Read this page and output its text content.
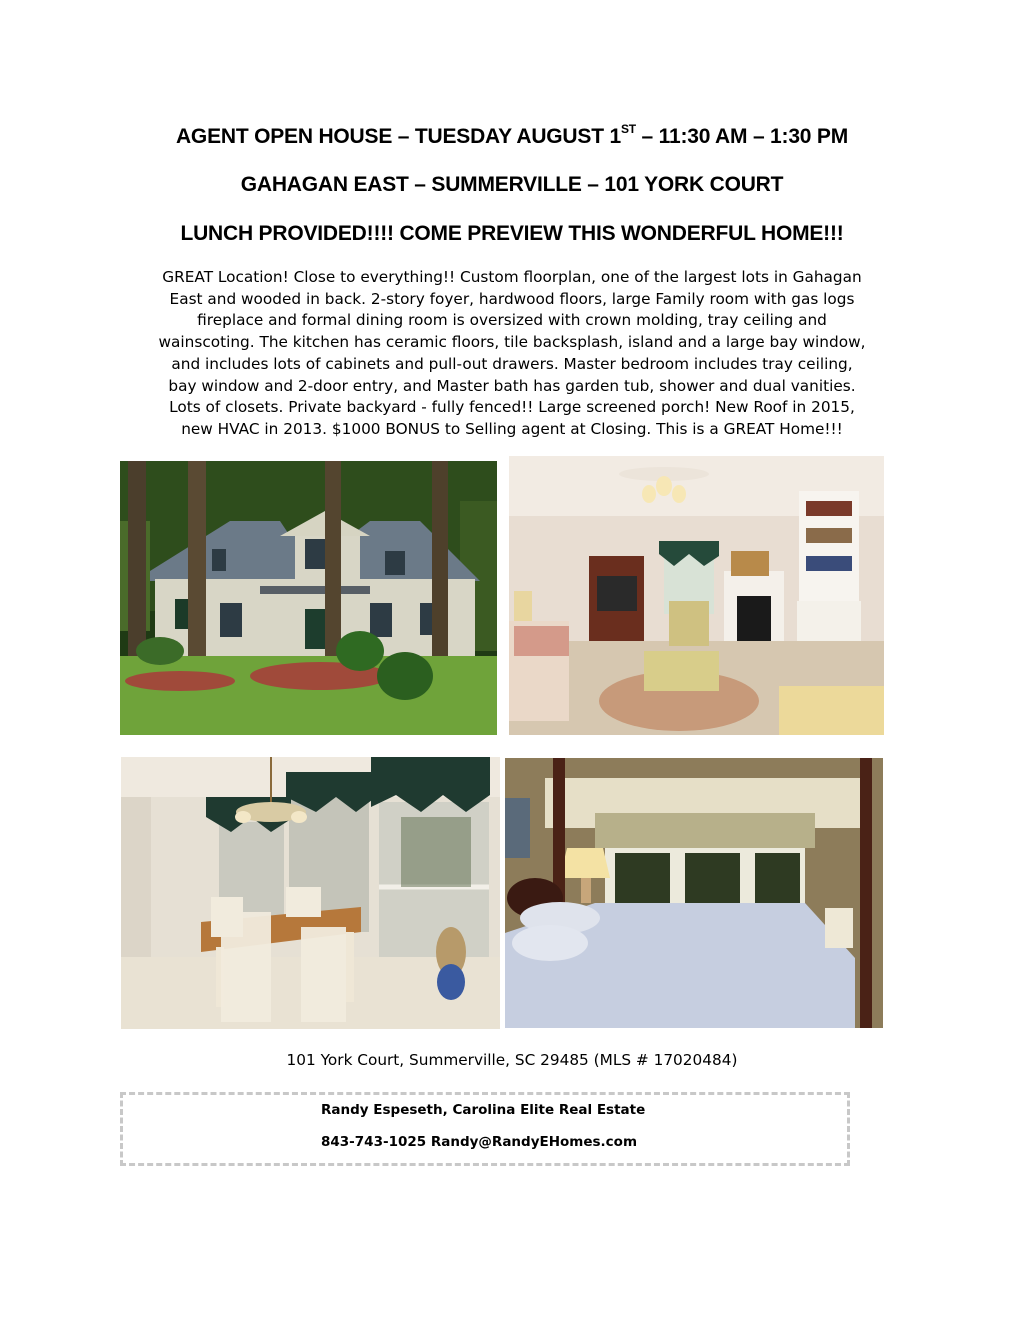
AGENT OPEN HOUSE – TUESDAY AUGUST 1ST – 11:30 AM – 1:30 PM
GAHAGAN EAST – SUMMERVILLE – 101 YORK COURT
LUNCH PROVIDED!!!! COME PREVIEW THIS WONDERFUL HOME!!!
GREAT Location! Close to everything!! Custom floorplan, one of the largest lots in Gahagan
East and wooded in back. 2-story foyer, hardwood floors, large Family room with gas logs
fireplace and formal dining room is oversized with crown molding, tray ceiling and
wainscoting. The kitchen has ceramic floors, tile backsplash, island and a large bay window,
and includes lots of cabinets and pull-out drawers. Master bedroom includes tray ceiling,
bay window and 2-door entry, and Master bath has garden tub, shower and dual vanities.
Lots of closets. Private backyard - fully fenced!! Large screened porch! New Roof in 2015,
new HVAC in 2013. $1000 BONUS to Selling agent at Closing. This is a GREAT Home!!!
101 York Court, Summerville, SC 29485 (MLS # 17020484)
Randy Espeseth, Carolina Elite Real Estate
843-743-1025 Randy@RandyEHomes.com
